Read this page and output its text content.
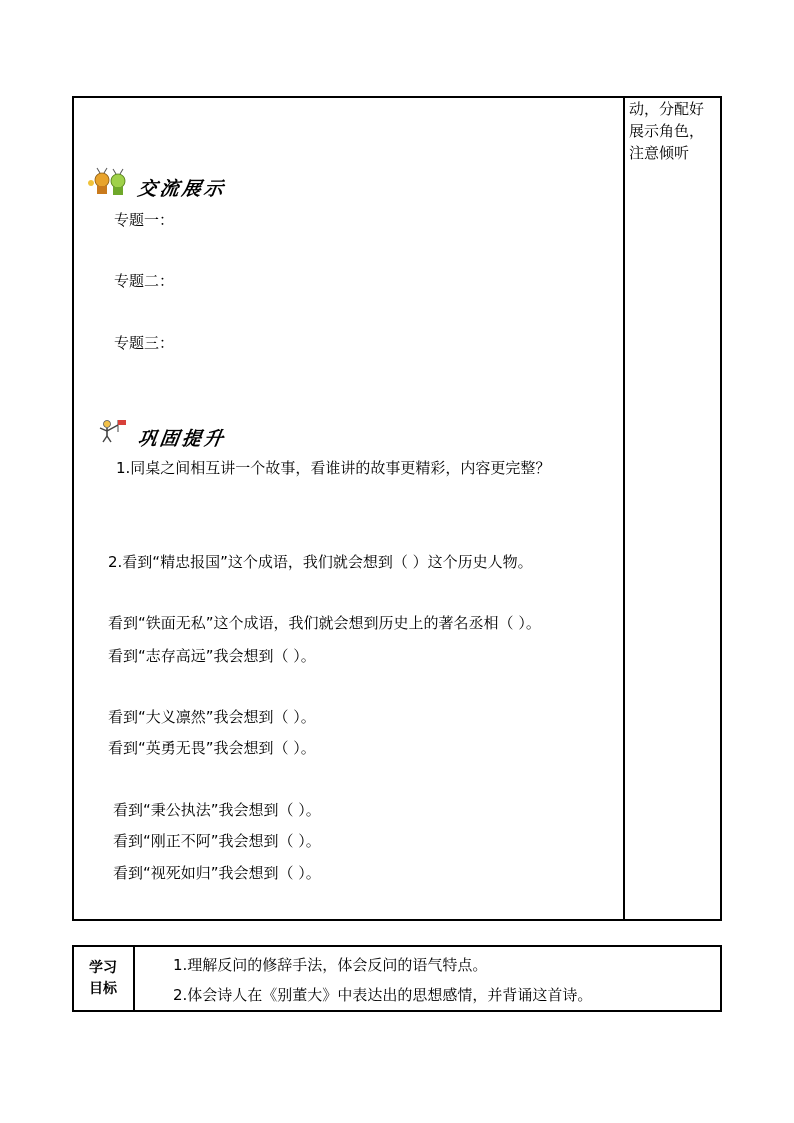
动，分配好
展示角色，
注意倾听
交流展示
专题一：
专题二：
专题三：
巩固提升
1.同桌之间相互讲一个故事，看谁讲的故事更精彩，内容更完整？
2.看到“精忠报国”这个成语，我们就会想到（ ）这个历史人物。
看到“铁面无私”这个成语，我们就会想到历史上的著名丞相（ ）。
看到“志存高远”我会想到（ ）。
看到“大义凛然”我会想到（ ）。
看到“英勇无畏”我会想到（ ）。
看到“秉公执法”我会想到（ ）。
看到“刚正不阿”我会想到（ ）。
看到“视死如归”我会想到（ ）。
学习
目标
1.理解反问的修辞手法，体会反问的语气特点。
2.体会诗人在《别董大》中表达出的思想感情，并背诵这首诗。
